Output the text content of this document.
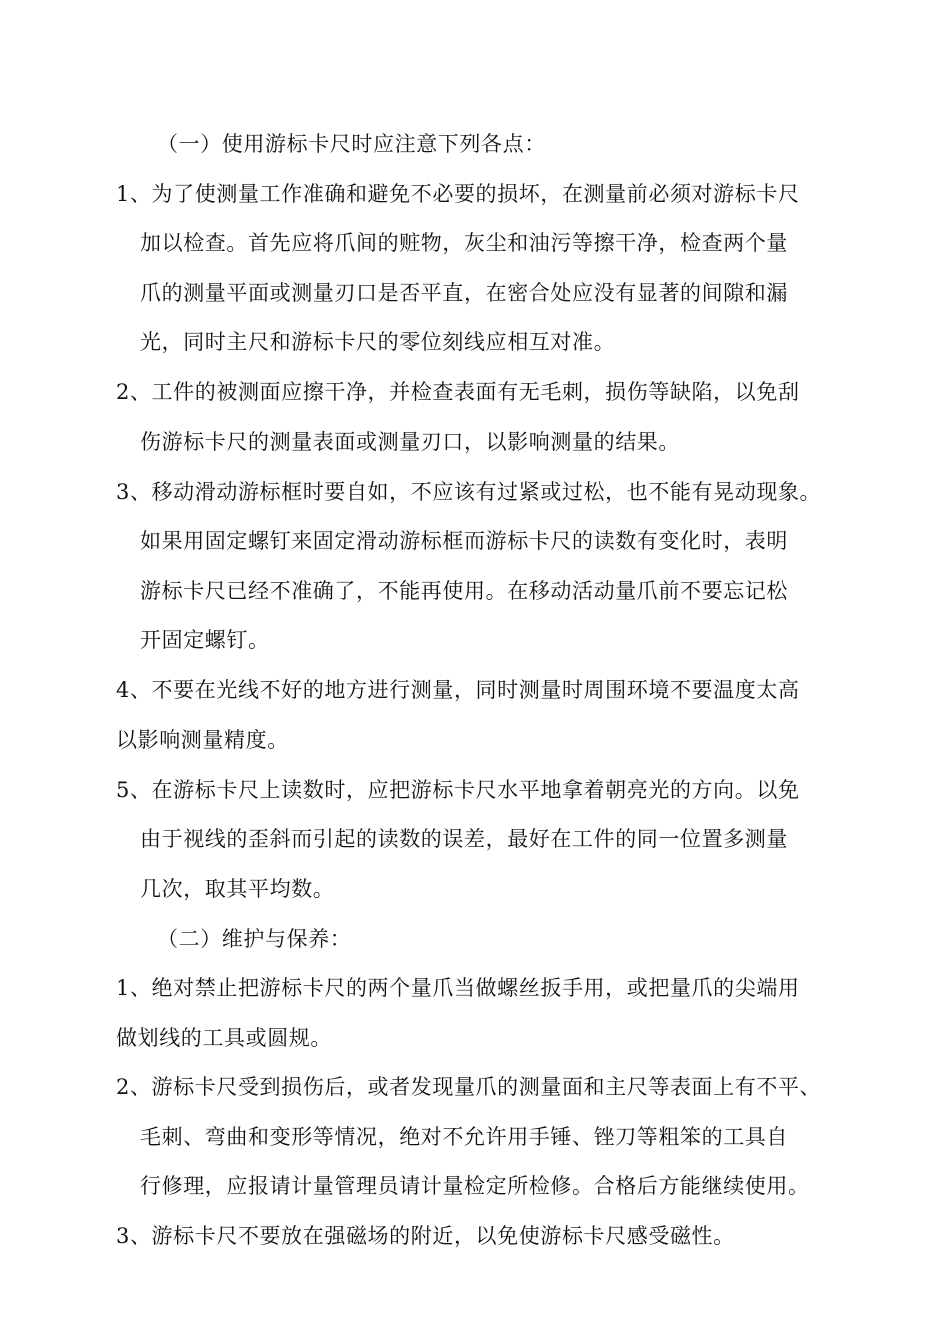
（一）使用游标卡尺时应注意下列各点：
1、为了使测量工作准确和避免不必要的损坏，在测量前必须对游标卡尺
加以检查。首先应将爪间的赃物，灰尘和油污等擦干净，检查两个量
爪的测量平面或测量刃口是否平直，在密合处应没有显著的间隙和漏
光，同时主尺和游标卡尺的零位刻线应相互对准。
2、工件的被测面应擦干净，并检查表面有无毛刺，损伤等缺陷，以免刮
伤游标卡尺的测量表面或测量刃口，以影响测量的结果。
3、移动滑动游标框时要自如，不应该有过紧或过松，也不能有晃动现象。
如果用固定螺钉来固定滑动游标框而游标卡尺的读数有变化时，表明
游标卡尺已经不准确了，不能再使用。在移动活动量爪前不要忘记松
开固定螺钉。
4、不要在光线不好的地方进行测量，同时测量时周围环境不要温度太高
以影响测量精度。
5、在游标卡尺上读数时，应把游标卡尺水平地拿着朝亮光的方向。以免
由于视线的歪斜而引起的读数的误差，最好在工件的同一位置多测量
几次，取其平均数。
（二）维护与保养：
1、绝对禁止把游标卡尺的两个量爪当做螺丝扳手用，或把量爪的尖端用
做划线的工具或圆规。
2、游标卡尺受到损伤后，或者发现量爪的测量面和主尺等表面上有不平、
毛刺、弯曲和变形等情况，绝对不允许用手锤、锉刀等粗笨的工具自
行修理，应报请计量管理员请计量检定所检修。合格后方能继续使用。
3、游标卡尺不要放在强磁场的附近，以免使游标卡尺感受磁性。
